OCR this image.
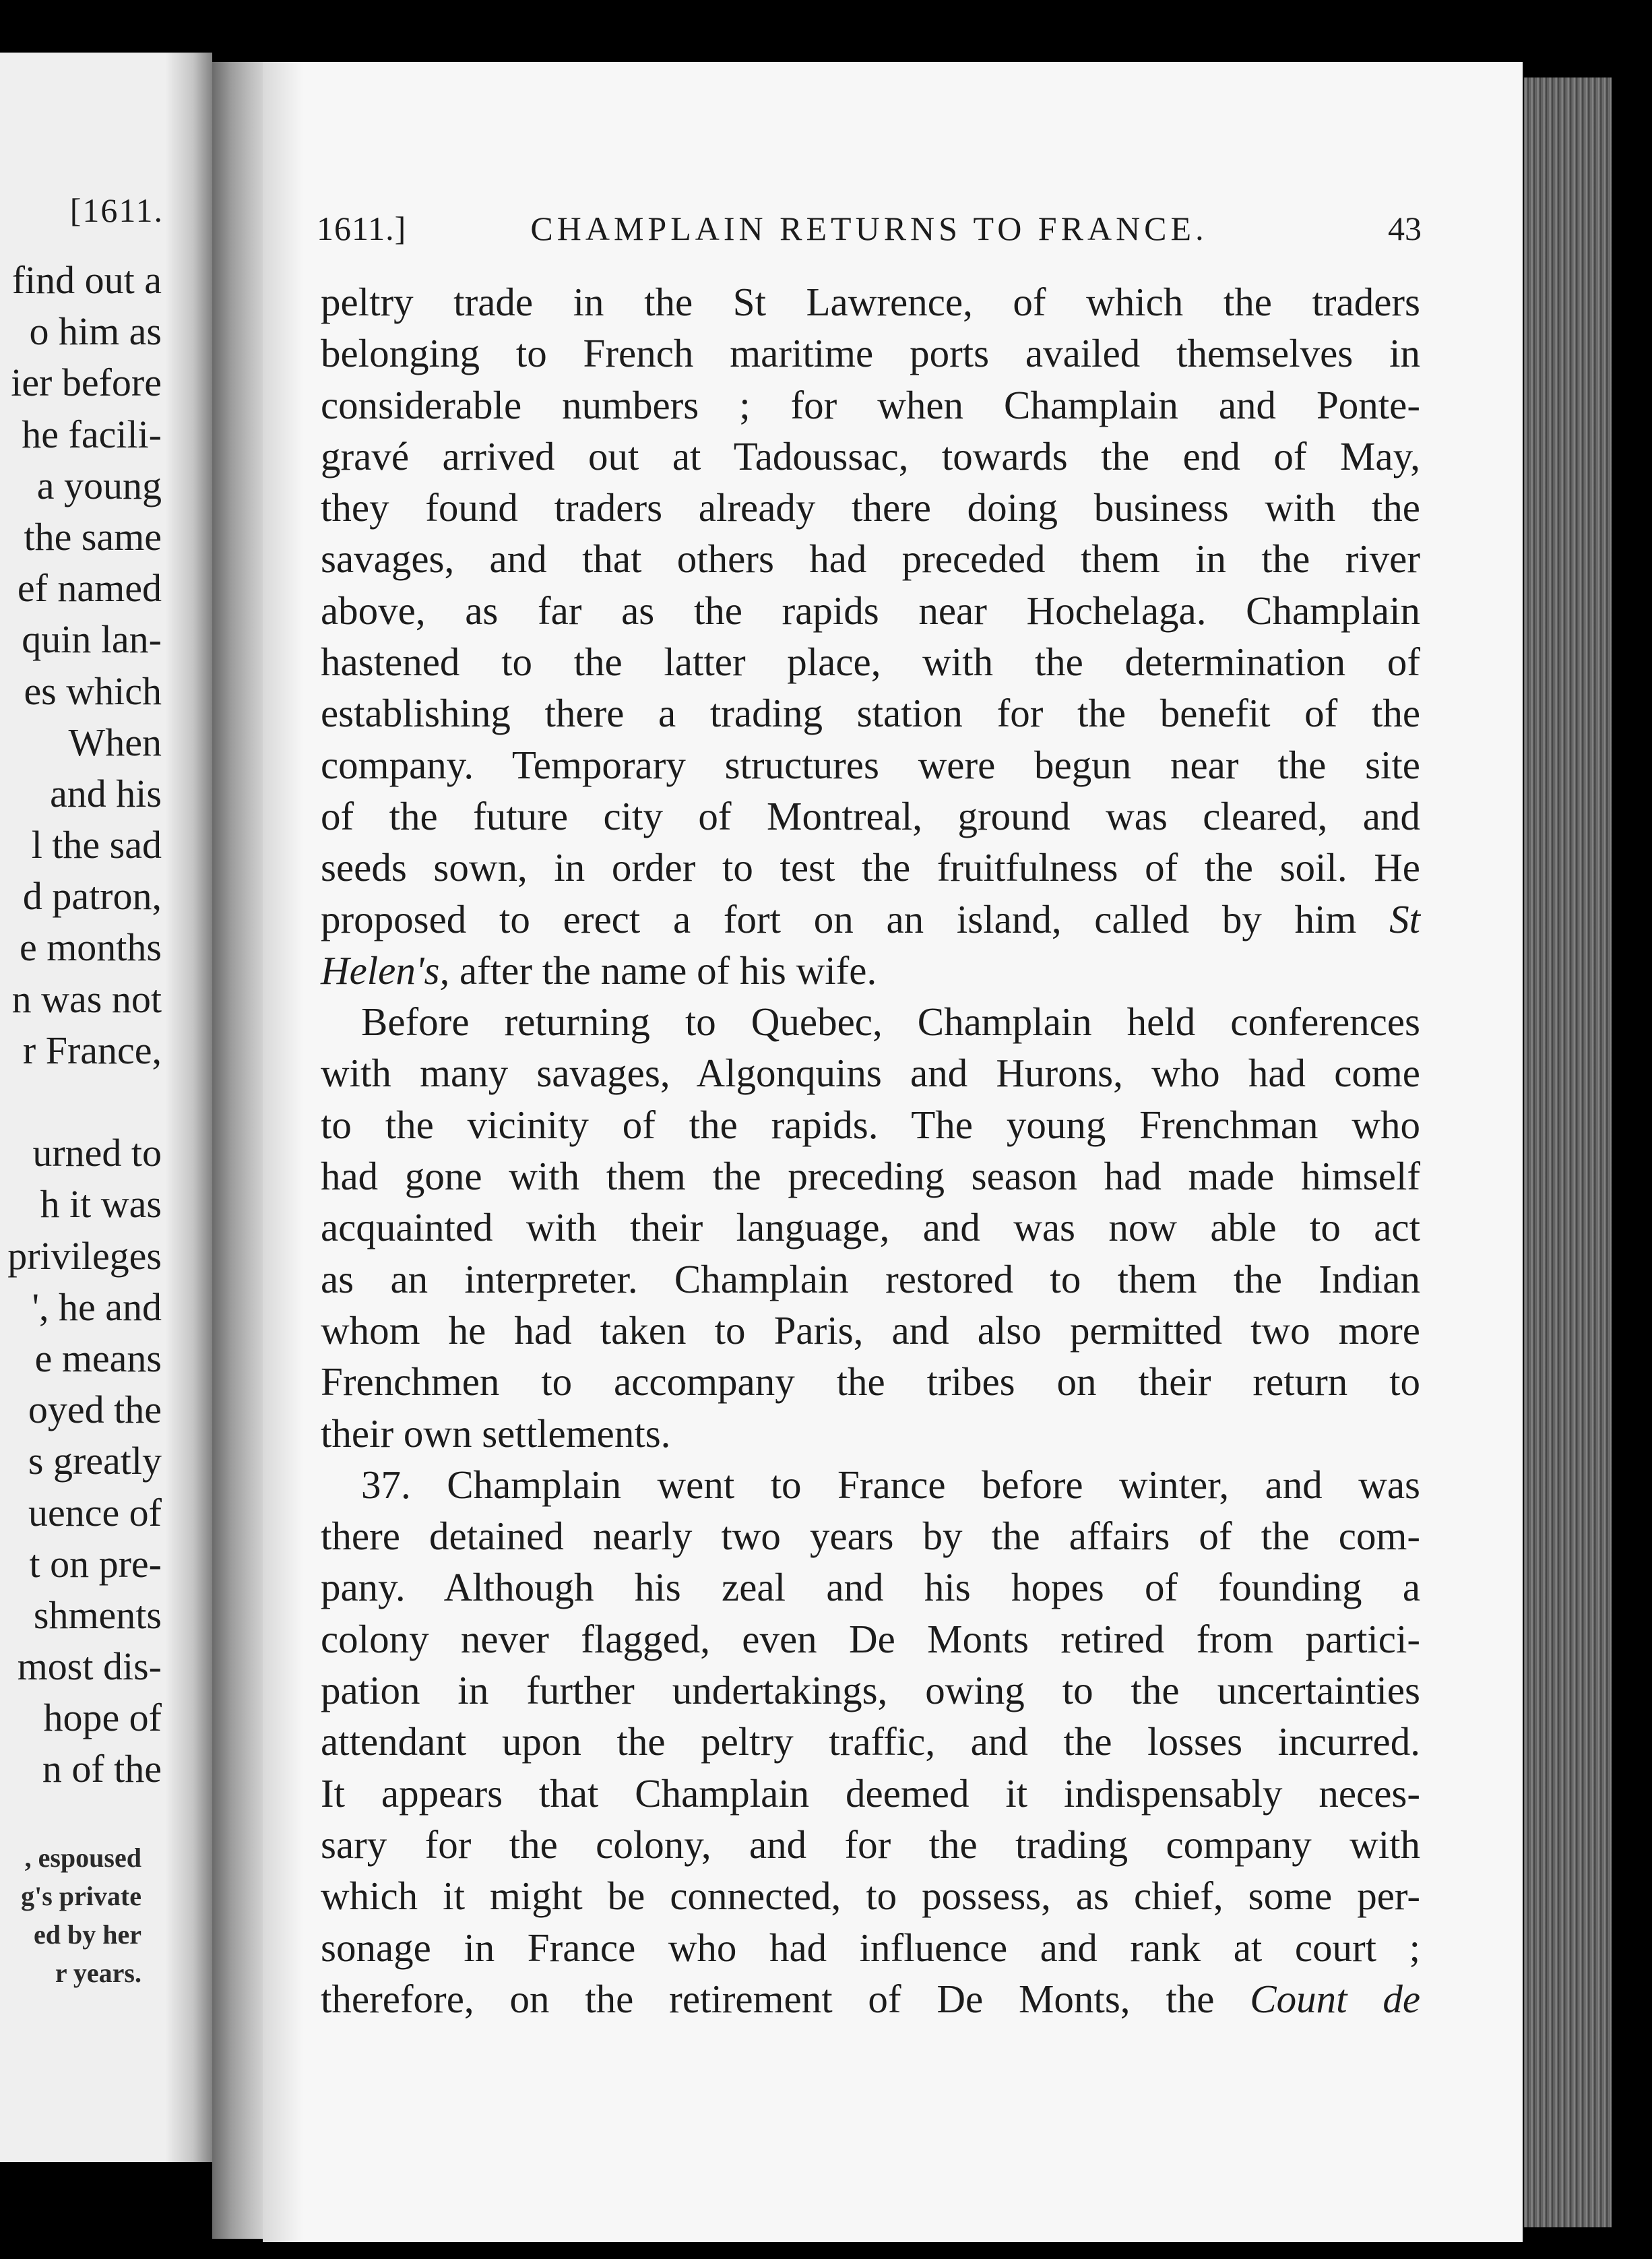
[1611.
find out a
o him as
ier before
he facili-
a young
the same
ef named
quin lan-
es which
When
and his
l the sad
d patron,
e months
n was not
r France,
urned to
h it was
privileges
', he and
e means
oyed the
s greatly
uence of
t on pre-
shments
most dis-
hope of
n of the
, espoused
g's private
ed by her
r years.
1611.]	CHAMPLAIN RETURNS TO FRANCE.	43
peltry trade in the St Lawrence, of which the traders
belonging to French maritime ports availed themselves in
considerable numbers ; for when Champlain and Ponte-
gravé arrived out at Tadoussac, towards the end of May,
they found traders already there doing business with the
savages, and that others had preceded them in the river
above, as far as the rapids near Hochelaga. Champlain
hastened to the latter place, with the determination of
establishing there a trading station for the benefit of the
company. Temporary structures were begun near the site
of the future city of Montreal, ground was cleared, and
seeds sown, in order to test the fruitfulness of the soil. He
proposed to erect a fort on an island, called by him St
Helen's, after the name of his wife.
Before returning to Quebec, Champlain held conferences
with many savages, Algonquins and Hurons, who had come
to the vicinity of the rapids. The young Frenchman who
had gone with them the preceding season had made himself
acquainted with their language, and was now able to act
as an interpreter. Champlain restored to them the Indian
whom he had taken to Paris, and also permitted two more
Frenchmen to accompany the tribes on their return to
their own settlements.
37. Champlain went to France before winter, and was
there detained nearly two years by the affairs of the com-
pany. Although his zeal and his hopes of founding a
colony never flagged, even De Monts retired from partici-
pation in further undertakings, owing to the uncertainties
attendant upon the peltry traffic, and the losses incurred.
It appears that Champlain deemed it indispensably neces-
sary for the colony, and for the trading company with
which it might be connected, to possess, as chief, some per-
sonage in France who had influence and rank at court ;
therefore, on the retirement of De Monts, the Count de
